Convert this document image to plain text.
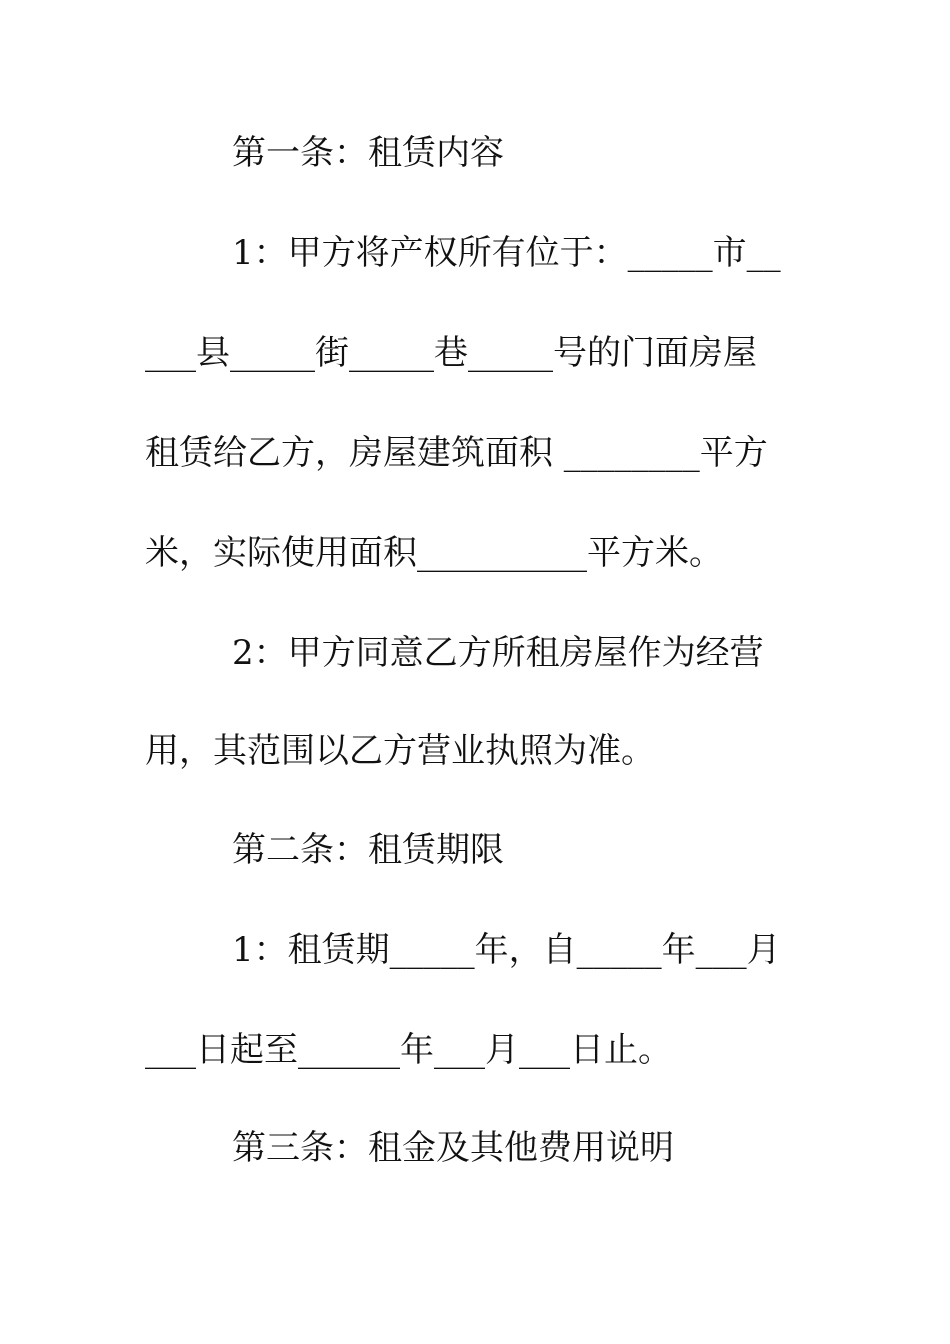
第一条：租赁内容
1：甲方将产权所有位于：_____市__
___县_____街_____巷_____号的门面房屋
租赁给乙方，房屋建筑面积 ________平方
米，实际使用面积__________平方米。
2：甲方同意乙方所租房屋作为经营
用，其范围以乙方营业执照为准。
第二条：租赁期限
1：租赁期_____年，自_____年___月
___日起至______年___月___日止。
第三条：租金及其他费用说明
